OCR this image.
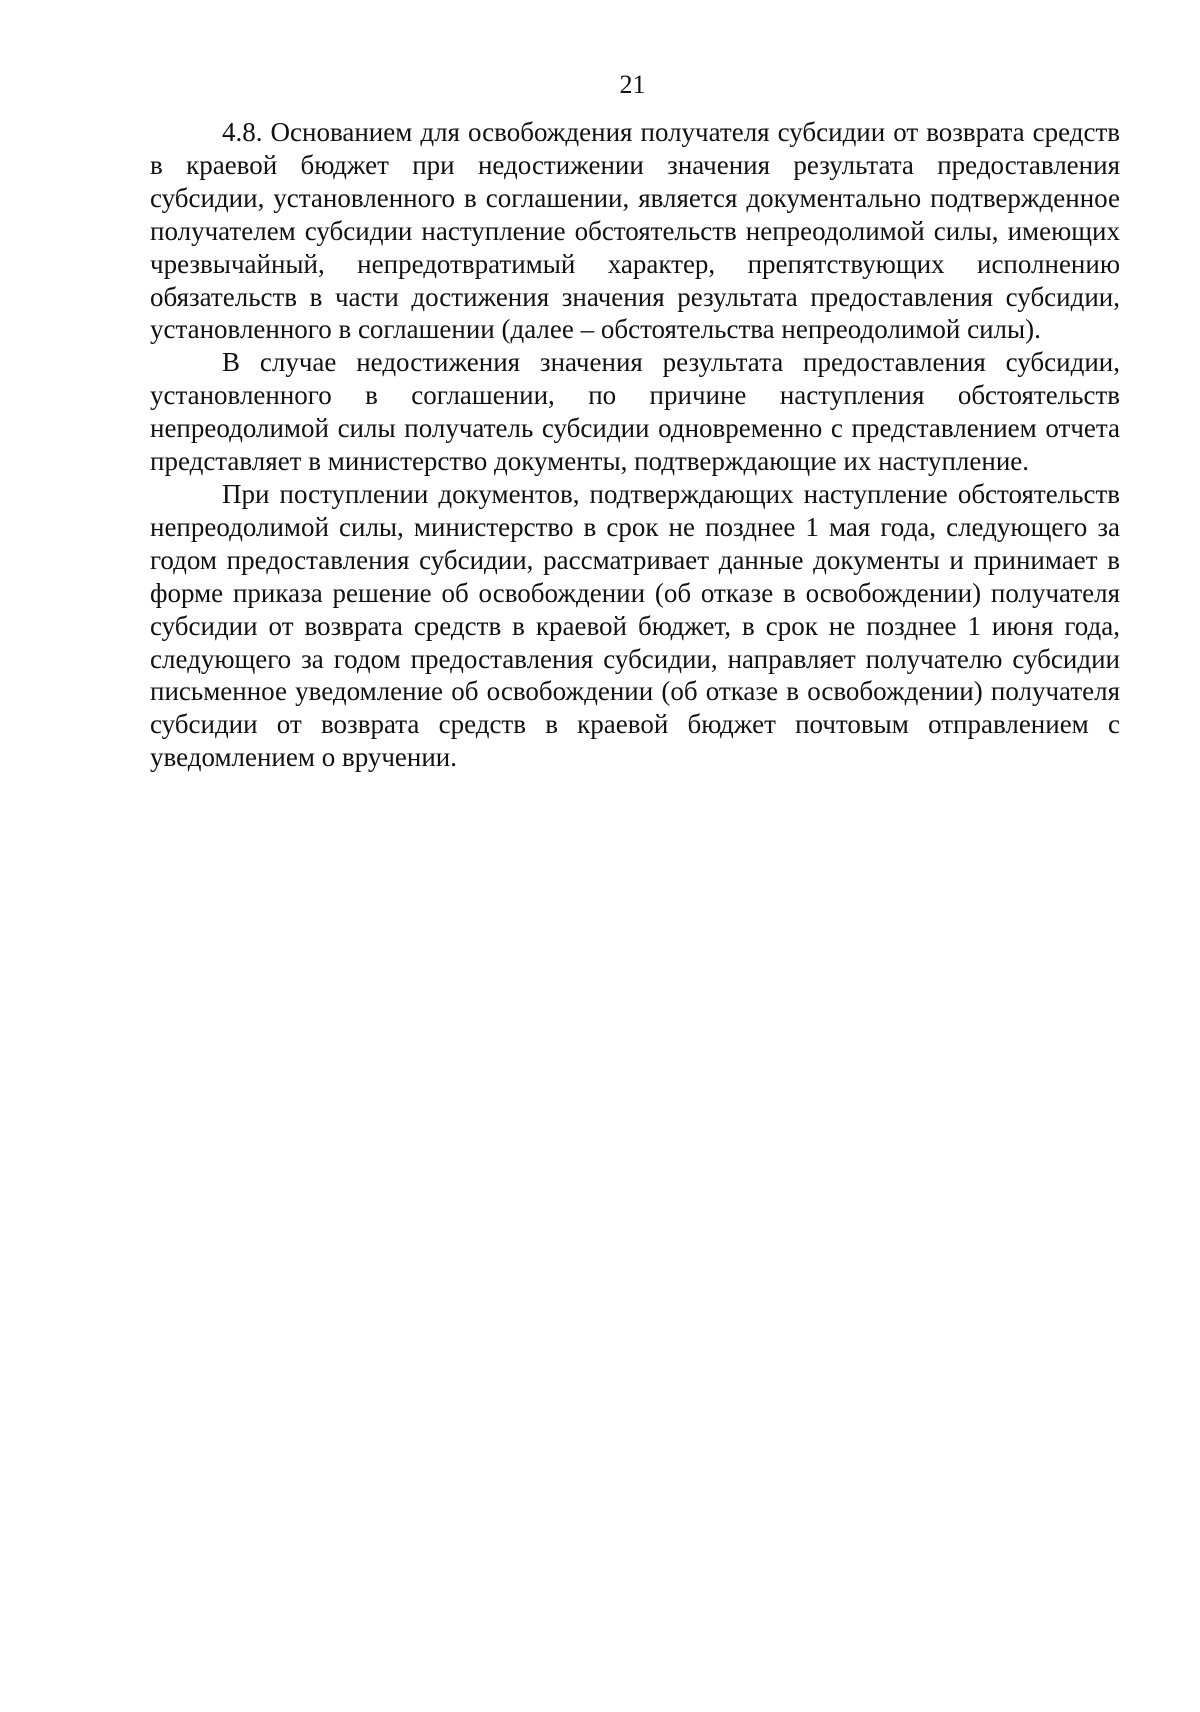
21

4.8. Основанием для освобождения получателя субсидии от возврата средств в краевой бюджет при недостижении значения результата предоставления субсидии, установленного в соглашении, является документально подтвержденное получателем субсидии наступление обстоятельств непреодолимой силы, имеющих чрезвычайный, непредотвратимый характер, препятствующих исполнению обязательств в части достижения значения результата предоставления субсидии, установленного в соглашении (далее – обстоятельства непреодолимой силы).

В случае недостижения значения результата предоставления субсидии, установленного в соглашении, по причине наступления обстоятельств непреодолимой силы получатель субсидии одновременно с представлением отчета представляет в министерство документы, подтверждающие их наступление.

При поступлении документов, подтверждающих наступление обстоятельств непреодолимой силы, министерство в срок не позднее 1 мая года, следующего за годом предоставления субсидии, рассматривает данные документы и принимает в форме приказа решение об освобождении (об отказе в освобождении) получателя субсидии от возврата средств в краевой бюджет, в срок не позднее 1 июня года, следующего за годом предоставления субсидии, направляет получателю субсидии письменное уведомление об освобождении (об отказе в освобождении) получателя субсидии от возврата средств в краевой бюджет почтовым отправлением с уведомлением о вручении.
